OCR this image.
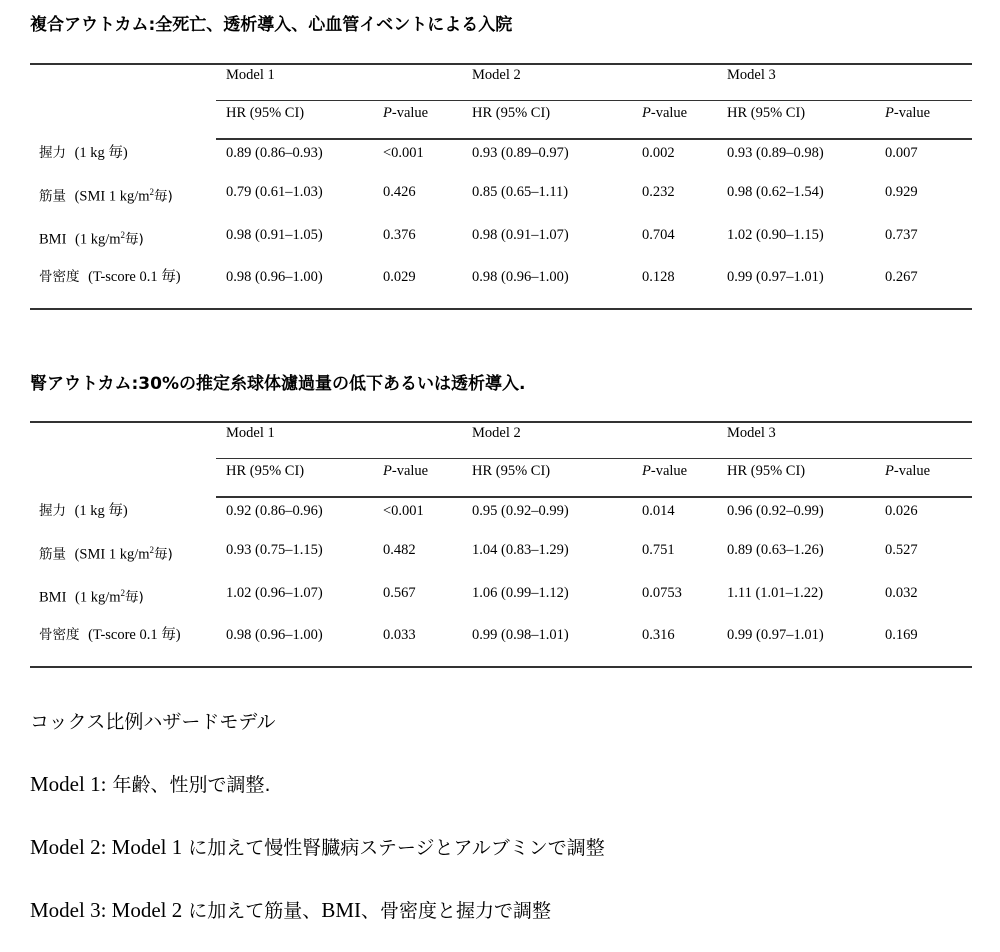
複合アウトカム:全死亡、透析導入、心血管イベントによる入院
Model 1	Model 2	Model 3
HR (95% CI)	P-value	HR (95% CI)	P-value	HR (95% CI)	P-value
握力 (1 kg 毎)	0.89 (0.86–0.93)	<0.001	0.93 (0.89–0.97)	0.002	0.93 (0.89–0.98)	0.007
筋量 (SMI 1 $kg/m^2$毎)	0.79 (0.61–1.03)	0.426	0.85 (0.65–1.11)	0.232	0.98 (0.62–1.54)	0.929
BMI (1 $kg/m^2$毎)	0.98 (0.91–1.05)	0.376	0.98 (0.91–1.07)	0.704	1.02 (0.90–1.15)	0.737
骨密度 (T-score 0.1 毎)	0.98 (0.96–1.00)	0.029	0.98 (0.96–1.00)	0.128	0.99 (0.97–1.01)	0.267
腎アウトカム:30%の推定糸球体濾過量の低下あるいは透析導入.
Model 1	Model 2	Model 3
HR (95% CI)	P-value	HR (95% CI)	P-value	HR (95% CI)	P-value
握力 (1 kg 毎)	0.92 (0.86–0.96)	<0.001	0.95 (0.92–0.99)	0.014	0.96 (0.92–0.99)	0.026
筋量 (SMI 1 $kg/m^2$毎)	0.93 (0.75–1.15)	0.482	1.04 (0.83–1.29)	0.751	0.89 (0.63–1.26)	0.527
BMI (1 $kg/m^2$毎)	1.02 (0.96–1.07)	0.567	1.06 (0.99–1.12)	0.0753	1.11 (1.01–1.22)	0.032
骨密度 (T-score 0.1 毎)	0.98 (0.96–1.00)	0.033	0.99 (0.98–1.01)	0.316	0.99 (0.97–1.01)	0.169
コックス比例ハザードモデル
Model 1: 年齢、性別で調整.
Model 2: Model 1 に加えて慢性腎臓病ステージとアルブミンで調整
Model 3: Model 2 に加えて筋量、BMI、骨密度と握力で調整
